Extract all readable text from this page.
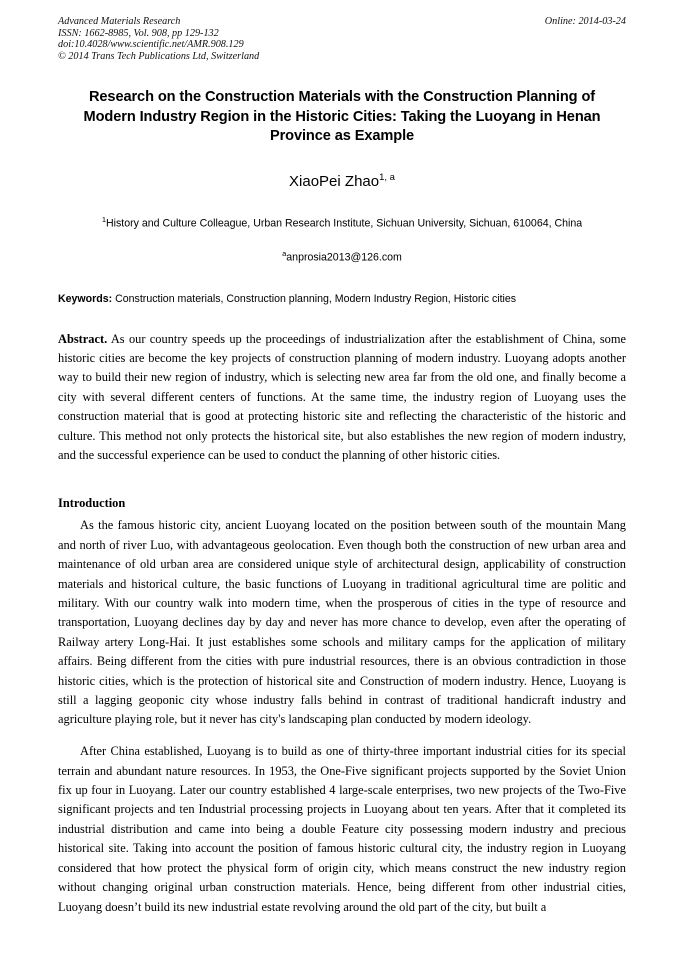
Advanced Materials Research
ISSN: 1662-8985, Vol. 908, pp 129-132
doi:10.4028/www.scientific.net/AMR.908.129
© 2014 Trans Tech Publications Ltd, Switzerland
Online: 2014-03-24
Research on the Construction Materials with the Construction Planning of Modern Industry Region in the Historic Cities: Taking the Luoyang in Henan Province as Example
XiaoPei Zhao$^{1, a}$
$^1$History and Culture Colleague, Urban Research Institute, Sichuan University, Sichuan, 610064, China
$^a$anprosia2013@126.com
Keywords: Construction materials, Construction planning, Modern Industry Region, Historic cities
Abstract. As our country speeds up the proceedings of industrialization after the establishment of China, some historic cities are become the key projects of construction planning of modern industry. Luoyang adopts another way to build their new region of industry, which is selecting new area far from the old one, and finally become a city with several different centers of functions. At the same time, the industry region of Luoyang uses the construction material that is good at protecting historic site and reflecting the characteristic of the historic and culture. This method not only protects the historical site, but also establishes the new region of modern industry, and the successful experience can be used to conduct the planning of other historic cities.
Introduction

As the famous historic city, ancient Luoyang located on the position between south of the mountain Mang and north of river Luo, with advantageous geolocation. Even though both the construction of new urban area and maintenance of old urban area are considered unique style of architectural design, applicability of construction materials and historical culture, the basic functions of Luoyang in traditional agricultural time are politic and military. With our country walk into modern time, when the prosperous of cities in the type of resource and transportation, Luoyang declines day by day and never has more chance to develop, even after the operating of Railway artery Long-Hai. It just establishes some schools and military camps for the application of military affairs. Being different from the cities with pure industrial resources, there is an obvious contradiction in those historic cities, which is the protection of historical site and Construction of modern industry. Hence, Luoyang is still a lagging geoponic city whose industry falls behind in contrast of traditional handicraft industry and agriculture playing role, but it never has city's landscaping plan conducted by modern ideology.

After China established, Luoyang is to build as one of thirty-three important industrial cities for its special terrain and abundant nature resources. In 1953, the One-Five significant projects supported by the Soviet Union fix up four in Luoyang. Later our country established 4 large-scale enterprises, two new projects of the Two-Five significant projects and ten Industrial processing projects in Luoyang about ten years. After that it completed its industrial distribution and came into being a double Feature city possessing modern industry and precious historical site. Taking into account the position of famous historic cultural city, the industry region in Luoyang considered that how protect the physical form of origin city, which means construct the new industry region without changing original urban construction materials. Hence, being different from other industrial cities, Luoyang doesn’t build its new industrial estate revolving around the old part of the city, but built a
